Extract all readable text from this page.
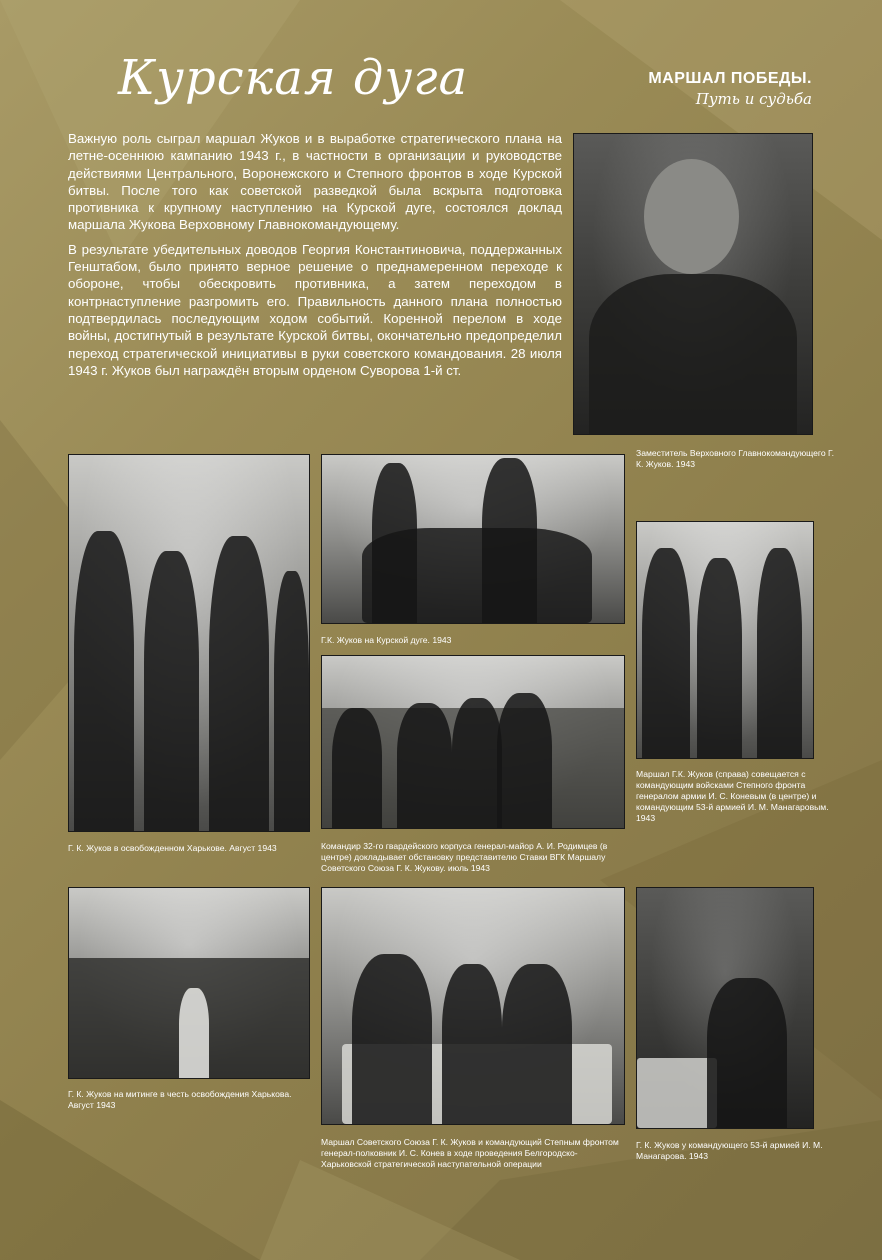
Курская дуга	МАРШАЛ ПОБЕДЫ.
Путь и судьба

Важную роль сыграл маршал Жуков и в выработке стратегического плана на летне-осеннюю кампанию 1943 г., в частности в организации и руководстве действиями Центрального, Воронежского и Степного фронтов в ходе Курской битвы. После того как советской разведкой была вскрыта подготовка противника к крупному наступлению на Курской дуге, состоялся доклад маршала Жукова Верховному Главнокомандующему.

В результате убедительных доводов Георгия Константиновича, поддержанных Генштабом, было принято верное решение о преднамеренном переходе к обороне, чтобы обескровить противника, а затем переходом в контрнаступление разгромить его. Правильность данного плана полностью подтвердилась последующим ходом событий. Коренной перелом в ходе войны, достигнутый в результате Курской битвы, окончательно предопределил переход стратегической инициативы в руки советского командования. 28 июля 1943 г. Жуков был награждён вторым орденом Суворова 1-й ст.

Заместитель Верховного Главнокомандующего Г. К. Жуков. 1943
Г. К. Жуков в освобожденном Харькове. Август 1943
Г.К. Жуков на Курской дуге. 1943
Командир 32-го гвардейского корпуса генерал-майор А. И. Родимцев (в центре) докладывает обстановку представителю Ставки ВГК Маршалу Советского Союза Г. К. Жукову. июль 1943
Маршал Г.К. Жуков (справа) совещается с командующим войсками Степного фронта генералом армии И. С. Коневым (в центре) и командующим 53-й армией И. М. Манагаровым. 1943
Г. К. Жуков на митинге в честь освобождения Харькова. Август 1943
Маршал Советского Союза Г. К. Жуков и командующий Степным фронтом генерал-полковник И. С. Конев в ходе проведения Белгородско-Харьковской стратегической наступательной операции
Г. К. Жуков у командующего 53-й армией И. М. Манагарова. 1943
